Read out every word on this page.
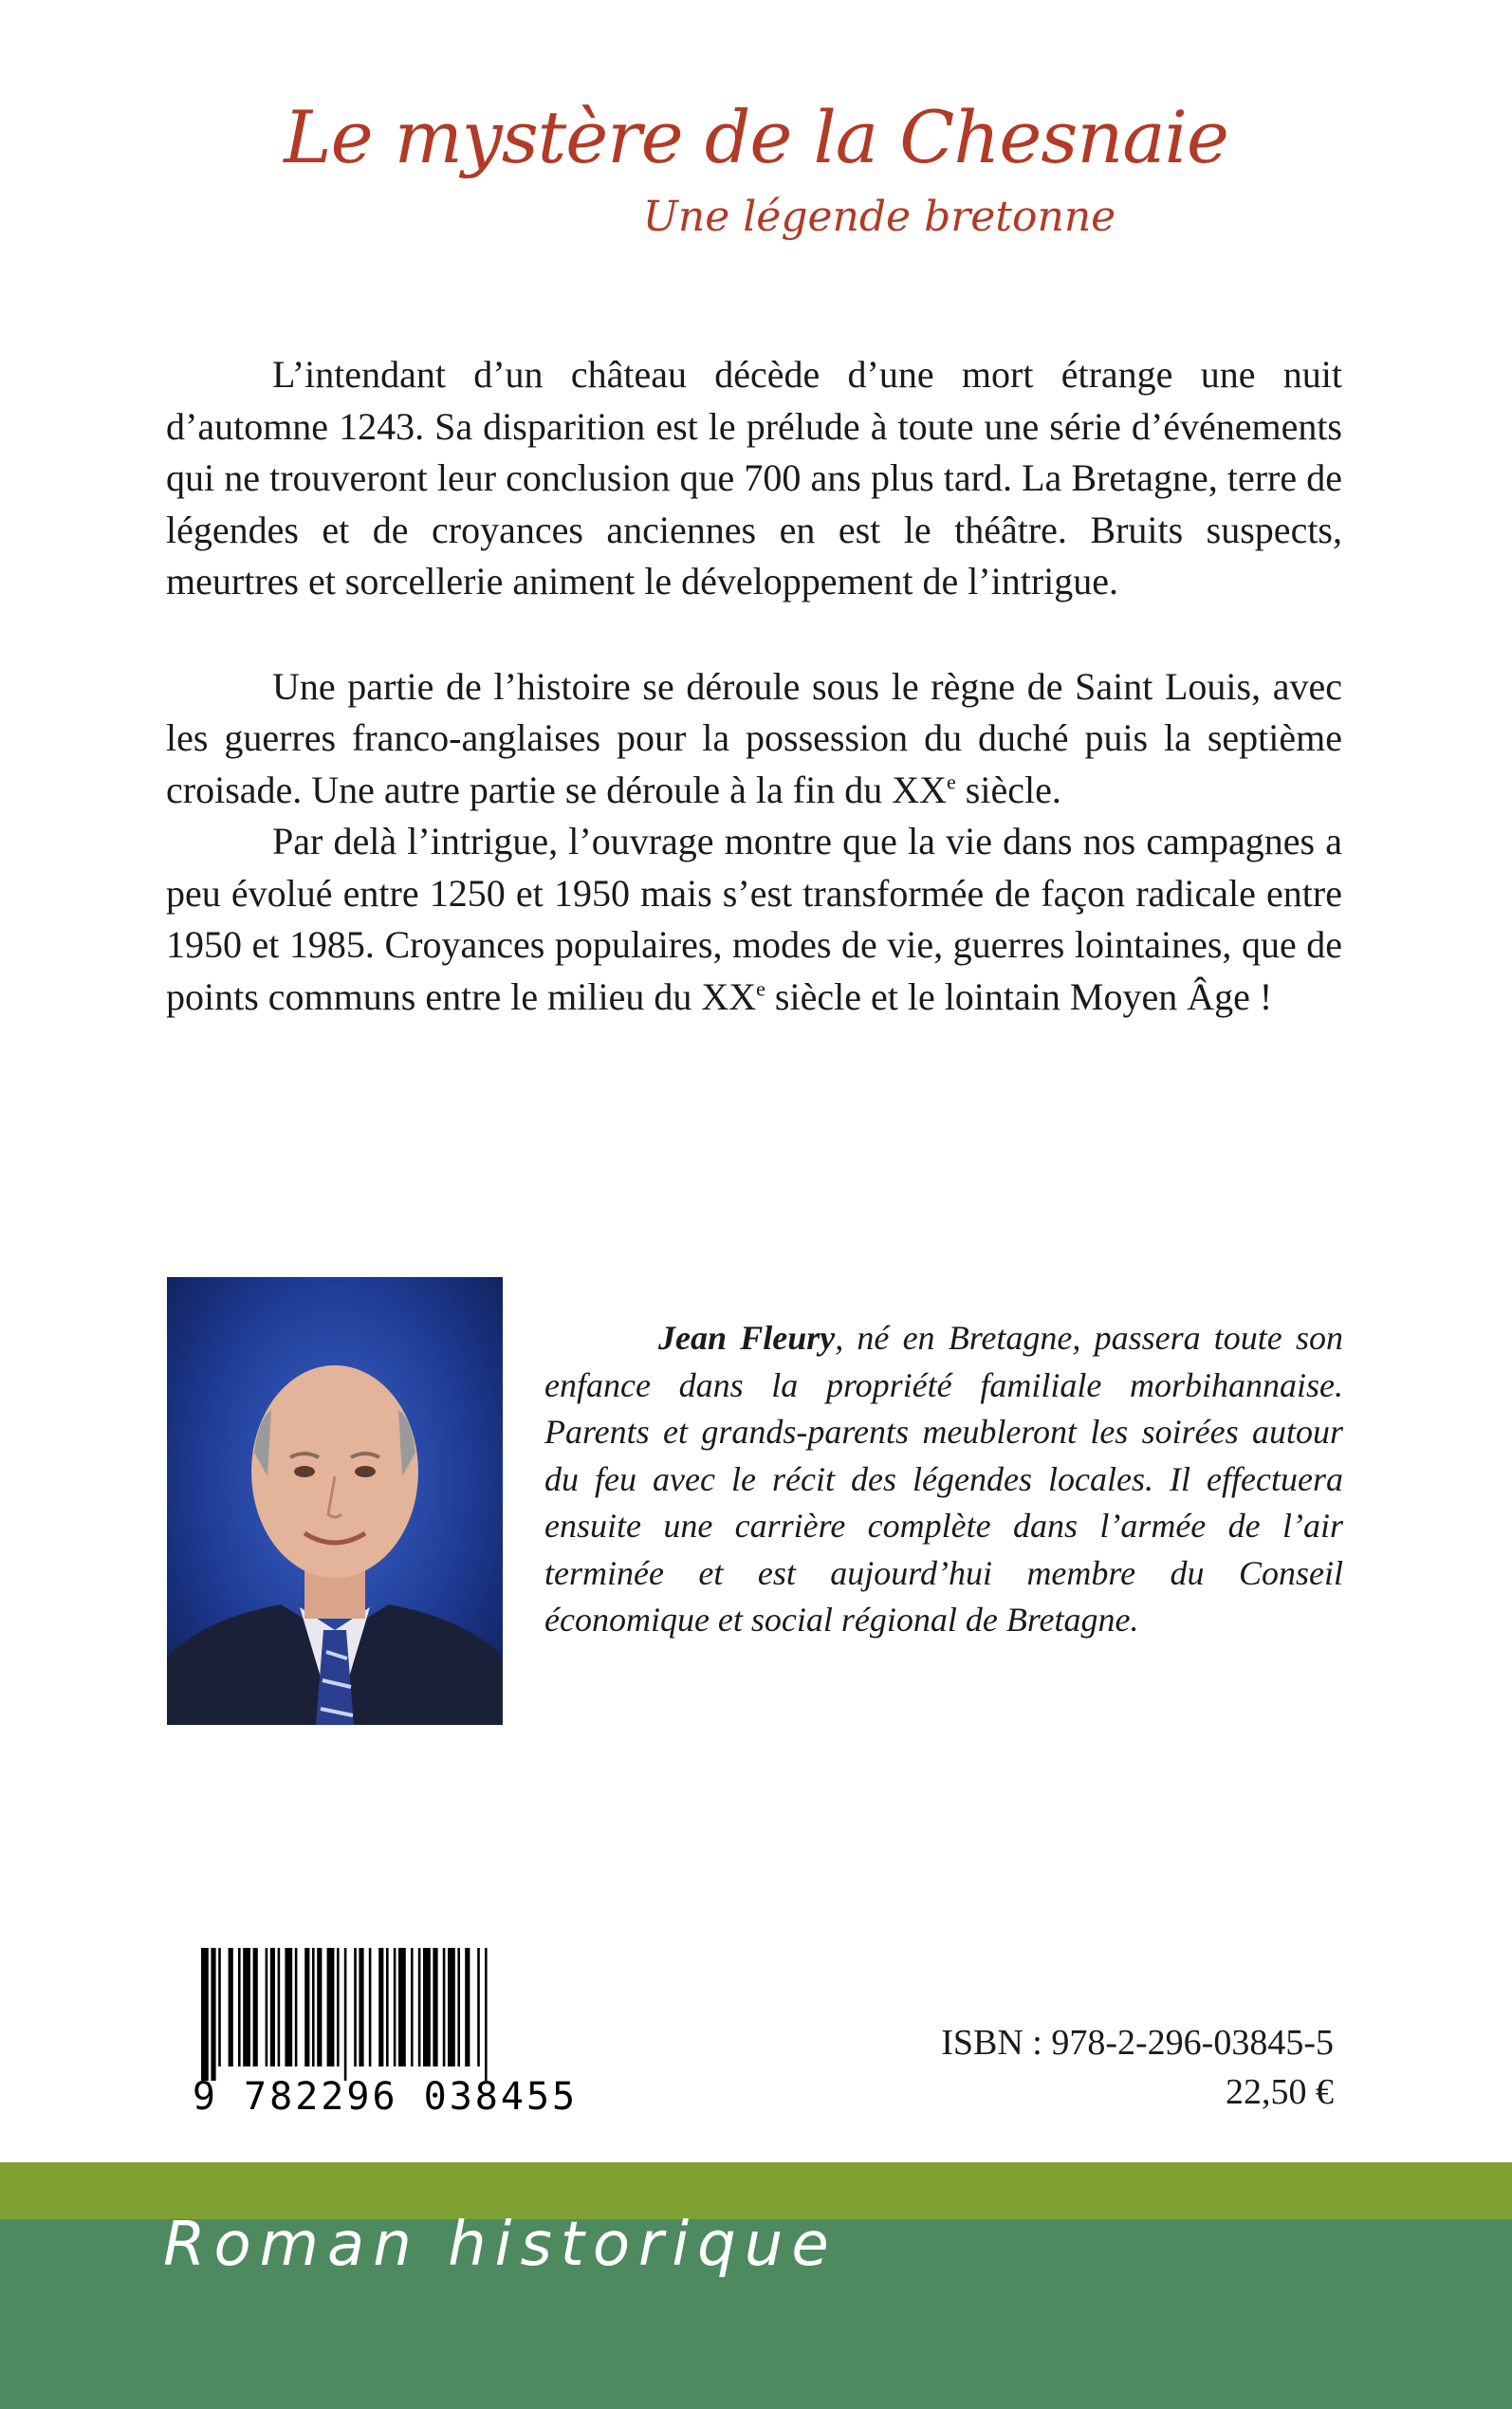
Le mystère de la Chesnaie
Une légende bretonne

L’intendant d’un château décède d’une mort étrange une nuit d’automne 1243. Sa disparition est le prélude à toute une série d’événements qui ne trouveront leur conclusion que 700 ans plus tard. La Bretagne, terre de légendes et de croyances anciennes en est le théâtre. Bruits suspects, meurtres et sorcellerie animent le développement de l’intrigue.

Une partie de l’histoire se déroule sous le règne de Saint Louis, avec les guerres franco-anglaises pour la possession du duché puis la septième croisade. Une autre partie se déroule à la fin du XXe siècle.

Par delà l’intrigue, l’ouvrage montre que la vie dans nos campagnes a peu évolué entre 1250 et 1950 mais s’est transformée de façon radicale entre 1950 et 1985. Croyances populaires, modes de vie, guerres lointaines, que de points communs entre le milieu du XXe siècle et le lointain Moyen Âge !

Jean Fleury, né en Bretagne, passera toute son enfance dans la propriété familiale morbihannaise. Parents et grands-parents meubleront les soirées autour du feu avec le récit des légendes locales. Il effectuera ensuite une carrière complète dans l’armée de l’air terminée et est aujourd’hui membre du Conseil économique et social régional de Bretagne.

9 782296 038455
ISBN : 978-2-296-03845-5
22,50 €
Roman historique
